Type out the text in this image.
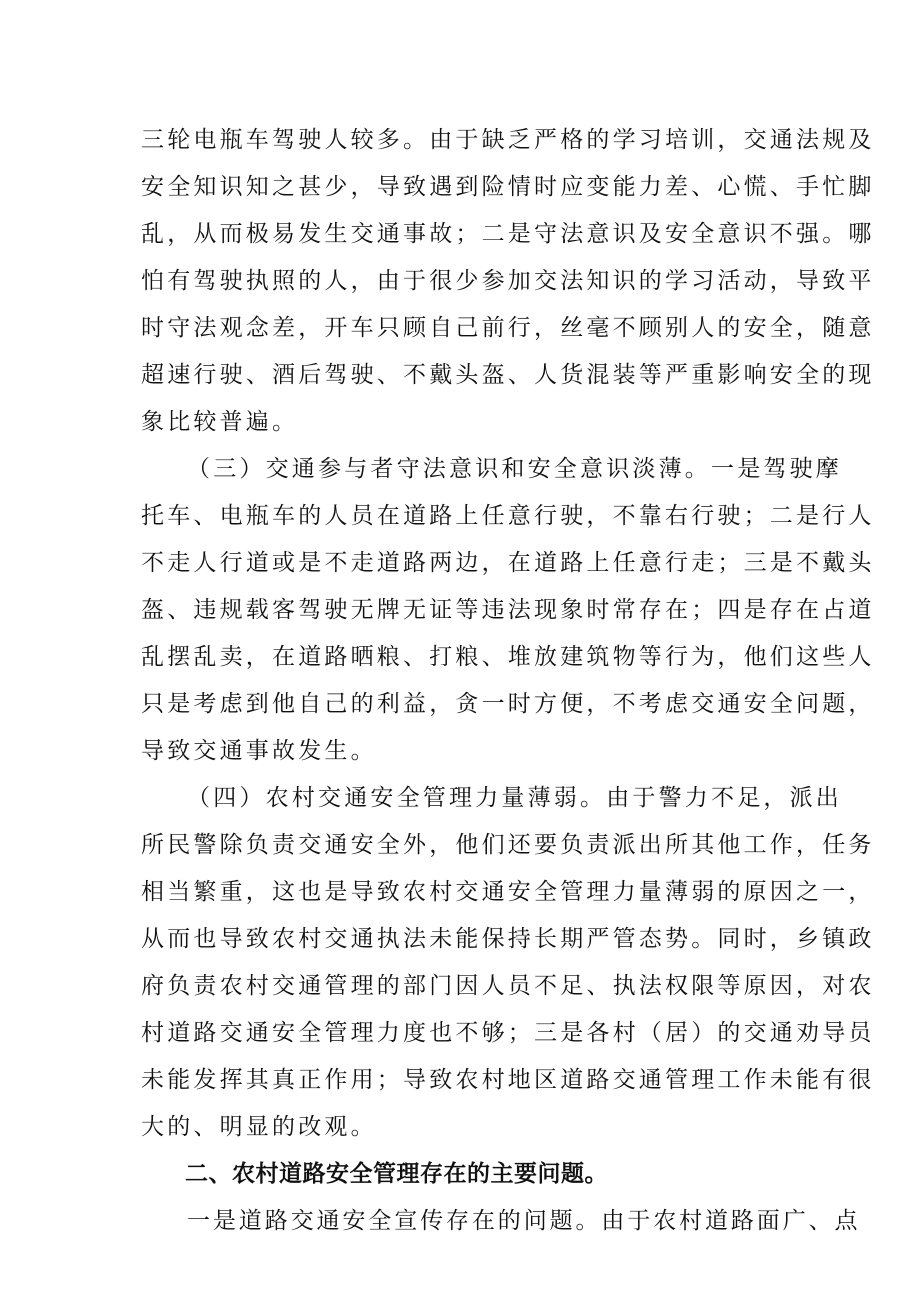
三轮电瓶车驾驶人较多。由于缺乏严格的学习培训，交通法规及
安全知识知之甚少，导致遇到险情时应变能力差、心慌、手忙脚
乱，从而极易发生交通事故；二是守法意识及安全意识不强。哪
怕有驾驶执照的人，由于很少参加交法知识的学习活动，导致平
时守法观念差，开车只顾自己前行，丝毫不顾别人的安全，随意
超速行驶、酒后驾驶、不戴头盔、人货混装等严重影响安全的现
象比较普遍。
（三）交通参与者守法意识和安全意识淡薄。一是驾驶摩
托车、电瓶车的人员在道路上任意行驶，不靠右行驶；二是行人
不走人行道或是不走道路两边，在道路上任意行走；三是不戴头
盔、违规载客驾驶无牌无证等违法现象时常存在；四是存在占道
乱摆乱卖，在道路晒粮、打粮、堆放建筑物等行为，他们这些人
只是考虑到他自己的利益，贪一时方便，不考虑交通安全问题，
导致交通事故发生。
（四）农村交通安全管理力量薄弱。由于警力不足，派出
所民警除负责交通安全外，他们还要负责派出所其他工作，任务
相当繁重，这也是导致农村交通安全管理力量薄弱的原因之一，
从而也导致农村交通执法未能保持长期严管态势。同时，乡镇政
府负责农村交通管理的部门因人员不足、执法权限等原因，对农
村道路交通安全管理力度也不够；三是各村（居）的交通劝导员
未能发挥其真正作用；导致农村地区道路交通管理工作未能有很
大的、明显的改观。
二、农村道路安全管理存在的主要问题。
一是道路交通安全宣传存在的问题。由于农村道路面广、点
